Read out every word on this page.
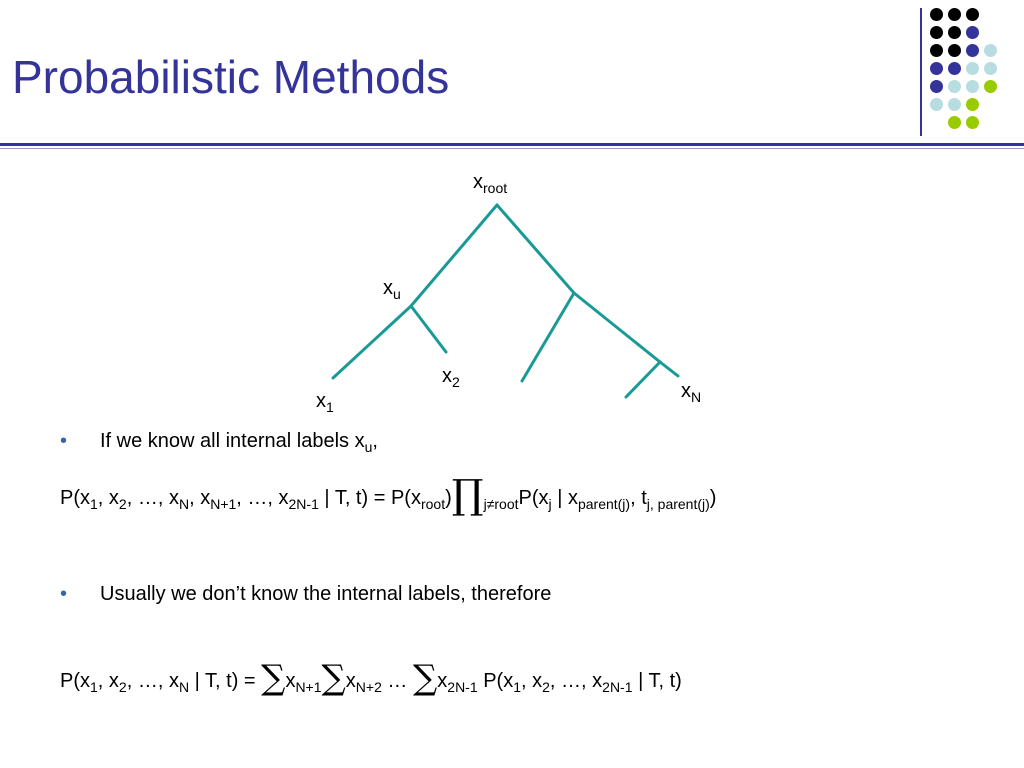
Probabilistic Methods
$x_{root}$
$x_u$
$x_2$
$x_1$
$x_N$
• If we know all internal labels $x_u$,
$P(x_1$, $x_2$, …, $x_N$, $x_{N+1}$, …, $x_{2N-1}$ | T, $t) = P(x_{root})\prod_{j\ne root}P(x_j$ | $x_{parent(j)}$, $t_{j, parent(j)}$)
• Usually we don’t know the internal labels, therefore
$P(x_1$, $x_2$, …, $x_N$ | T, $t) = \sum x_{N+1}\sum x_{N+2}$ … $\sum x_{2N-1}$ $P(x_1$, $x_2$, …, $x_{2N-1}$ | T, t)
